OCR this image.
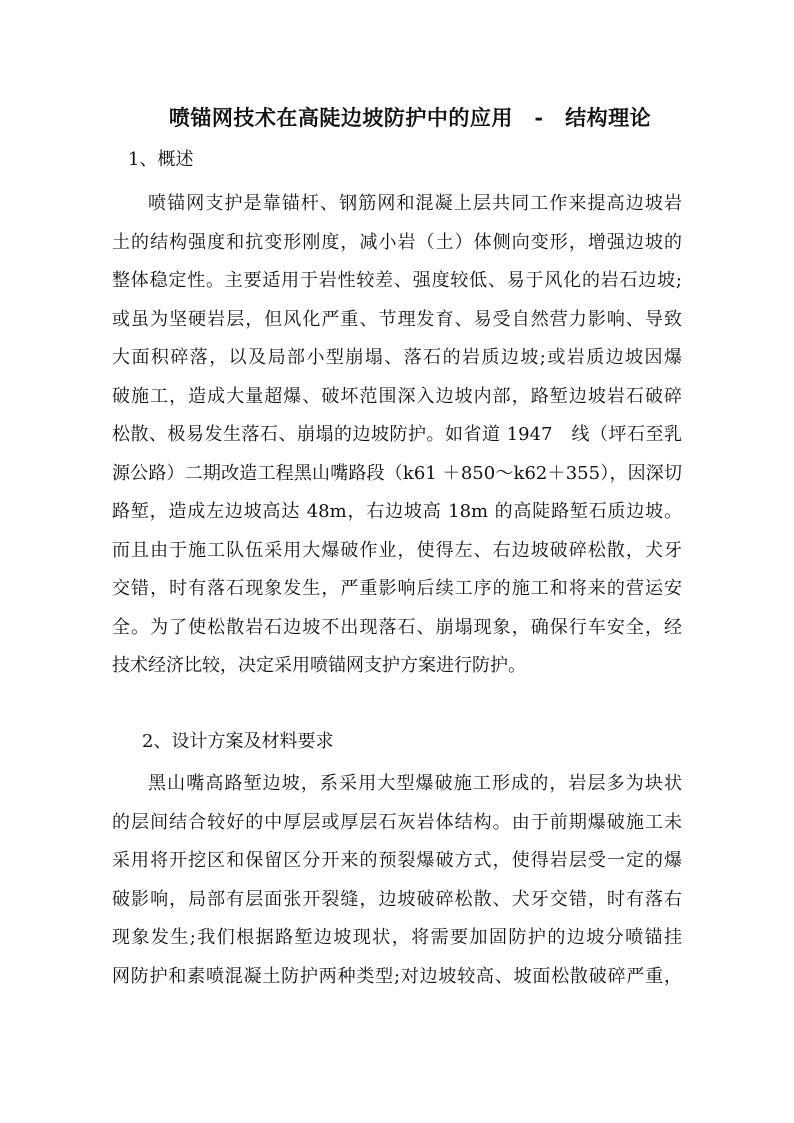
喷锚网技术在高陡边坡防护中的应用　-　结构理论
1、概述
喷锚网支护是靠锚杆、钢筋网和混凝上层共同工作来提高边坡岩
土的结构强度和抗变形刚度，减小岩（土）体侧向变形，增强边坡的
整体稳定性。主要适用于岩性较差、强度较低、易于风化的岩石边坡;
或虽为坚硬岩层，但风化严重、节理发育、易受自然营力影响、导致
大面积碎落，以及局部小型崩塌、落石的岩质边坡;或岩质边坡因爆
破施工，造成大量超爆、破坏范围深入边坡内部，路堑边坡岩石破碎
松散、极易发生落石、崩塌的边坡防护。如省道 1947　线（坪石至乳
源公路）二期改造工程黑山嘴路段（k61 ＋850～k62＋355），因深切
路堑，造成左边坡高达 48m，右边坡高 18m 的高陡路堑石质边坡。
而且由于施工队伍采用大爆破作业，使得左、右边坡破碎松散，犬牙
交错，时有落石现象发生，严重影响后续工序的施工和将来的营运安
全。为了使松散岩石边坡不出现落石、崩塌现象，确保行车安全，经
技术经济比较，决定采用喷锚网支护方案进行防护。
2、设计方案及材料要求
黑山嘴高路堑边坡，系采用大型爆破施工形成的，岩层多为块状
的层间结合较好的中厚层或厚层石灰岩体结构。由于前期爆破施工未
采用将开挖区和保留区分开来的预裂爆破方式，使得岩层受一定的爆
破影响，局部有层面张开裂缝，边坡破碎松散、犬牙交错，时有落右
现象发生;我们根据路堑边坡现状，将需要加固防护的边坡分喷锚挂
网防护和素喷混凝土防护两种类型;对边坡较高、坡面松散破碎严重，
